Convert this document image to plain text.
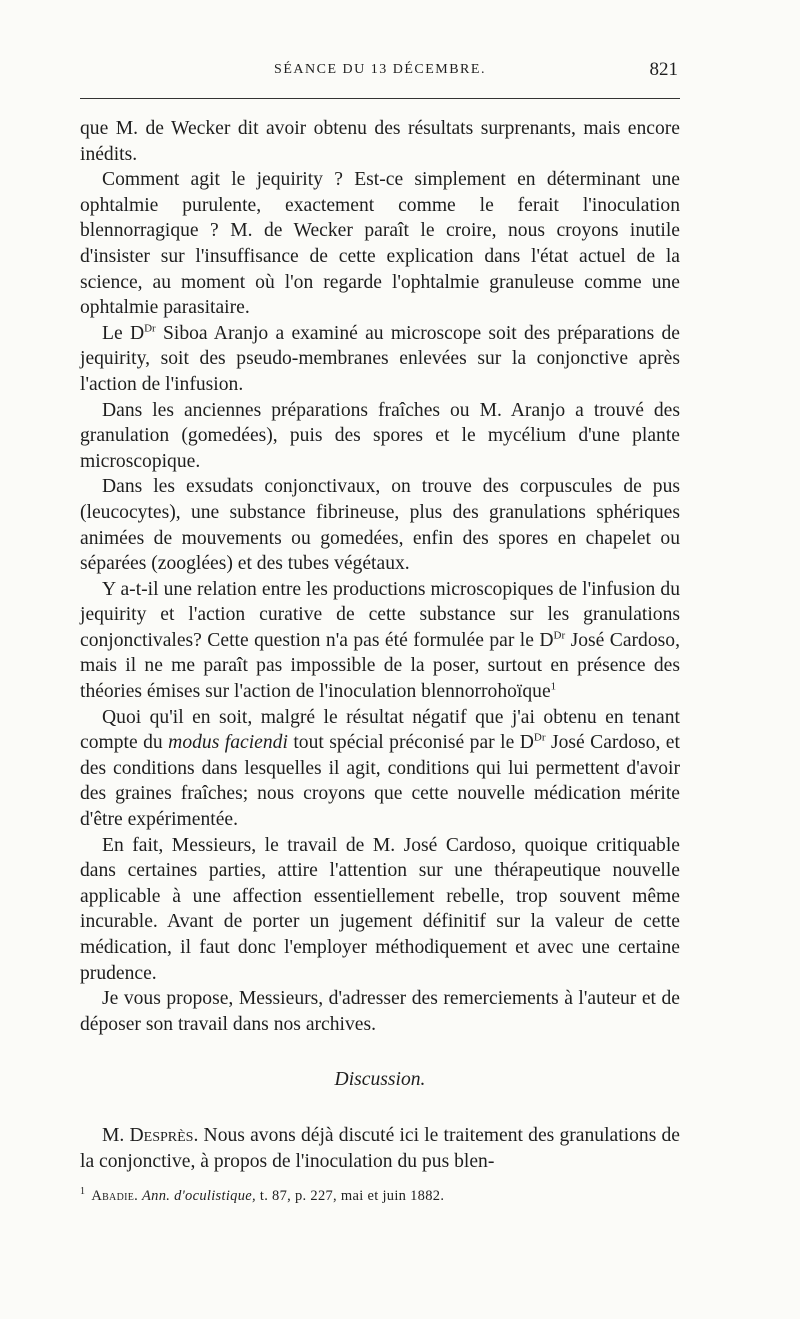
SÉANCE DU 13 DÉCEMBRE.	821

que M. de Wecker dit avoir obtenu des résultats surprenants, mais encore inédits.

Comment agit le jequirity ? Est-ce simplement en déterminant une ophtalmie purulente, exactement comme le ferait l'inoculation blennorragique ? M. de Wecker paraît le croire, nous croyons inutile d'insister sur l'insuffisance de cette explication dans l'état actuel de la science, au moment où l'on regarde l'ophtalmie granuleuse comme une ophtalmie parasitaire.

Le $D^{Dr}$ Siboa Aranjo a examiné au microscope soit des préparations de jequirity, soit des pseudo-membranes enlevées sur la conjonctive après l'action de l'infusion.

Dans les anciennes préparations fraîches ou M. Aranjo a trouvé des granulation (gomedées), puis des spores et le mycélium d'une plante microscopique.

Dans les exsudats conjonctivaux, on trouve des corpuscules de pus (leucocytes), une substance fibrineuse, plus des granulations sphériques animées de mouvements ou gomedées, enfin des spores en chapelet ou séparées (zooglées) et des tubes végétaux.

Y a-t-il une relation entre les productions microscopiques de l'infusion du jequirity et l'action curative de cette substance sur les granulations conjonctivales? Cette question n'a pas été formulée par le $D^{Dr}$ José Cardoso, mais il ne me paraît pas impossible de la poser, surtout en présence des théories émises sur l'action de l'inoculation blennorrohoïque$^1$

Quoi qu'il en soit, malgré le résultat négatif que j'ai obtenu en tenant compte du modus faciendi tout spécial préconisé par le $D^{Dr}$ José Cardoso, et des conditions dans lesquelles il agit, conditions qui lui permettent d'avoir des graines fraîches; nous croyons que cette nouvelle médication mérite d'être expérimentée.

En fait, Messieurs, le travail de M. José Cardoso, quoique critiquable dans certaines parties, attire l'attention sur une thérapeutique nouvelle applicable à une affection essentiellement rebelle, trop souvent même incurable. Avant de porter un jugement définitif sur la valeur de cette médication, il faut donc l'employer méthodiquement et avec une certaine prudence.

Je vous propose, Messieurs, d'adresser des remerciements à l'auteur et de déposer son travail dans nos archives.

Discussion.

M. Desprès. Nous avons déjà discuté ici le traitement des granulations de la conjonctive, à propos de l'inoculation du pus blen-

$^1$ Abadie. Ann. d'oculistique, t. 87, p. 227, mai et juin 1882.
